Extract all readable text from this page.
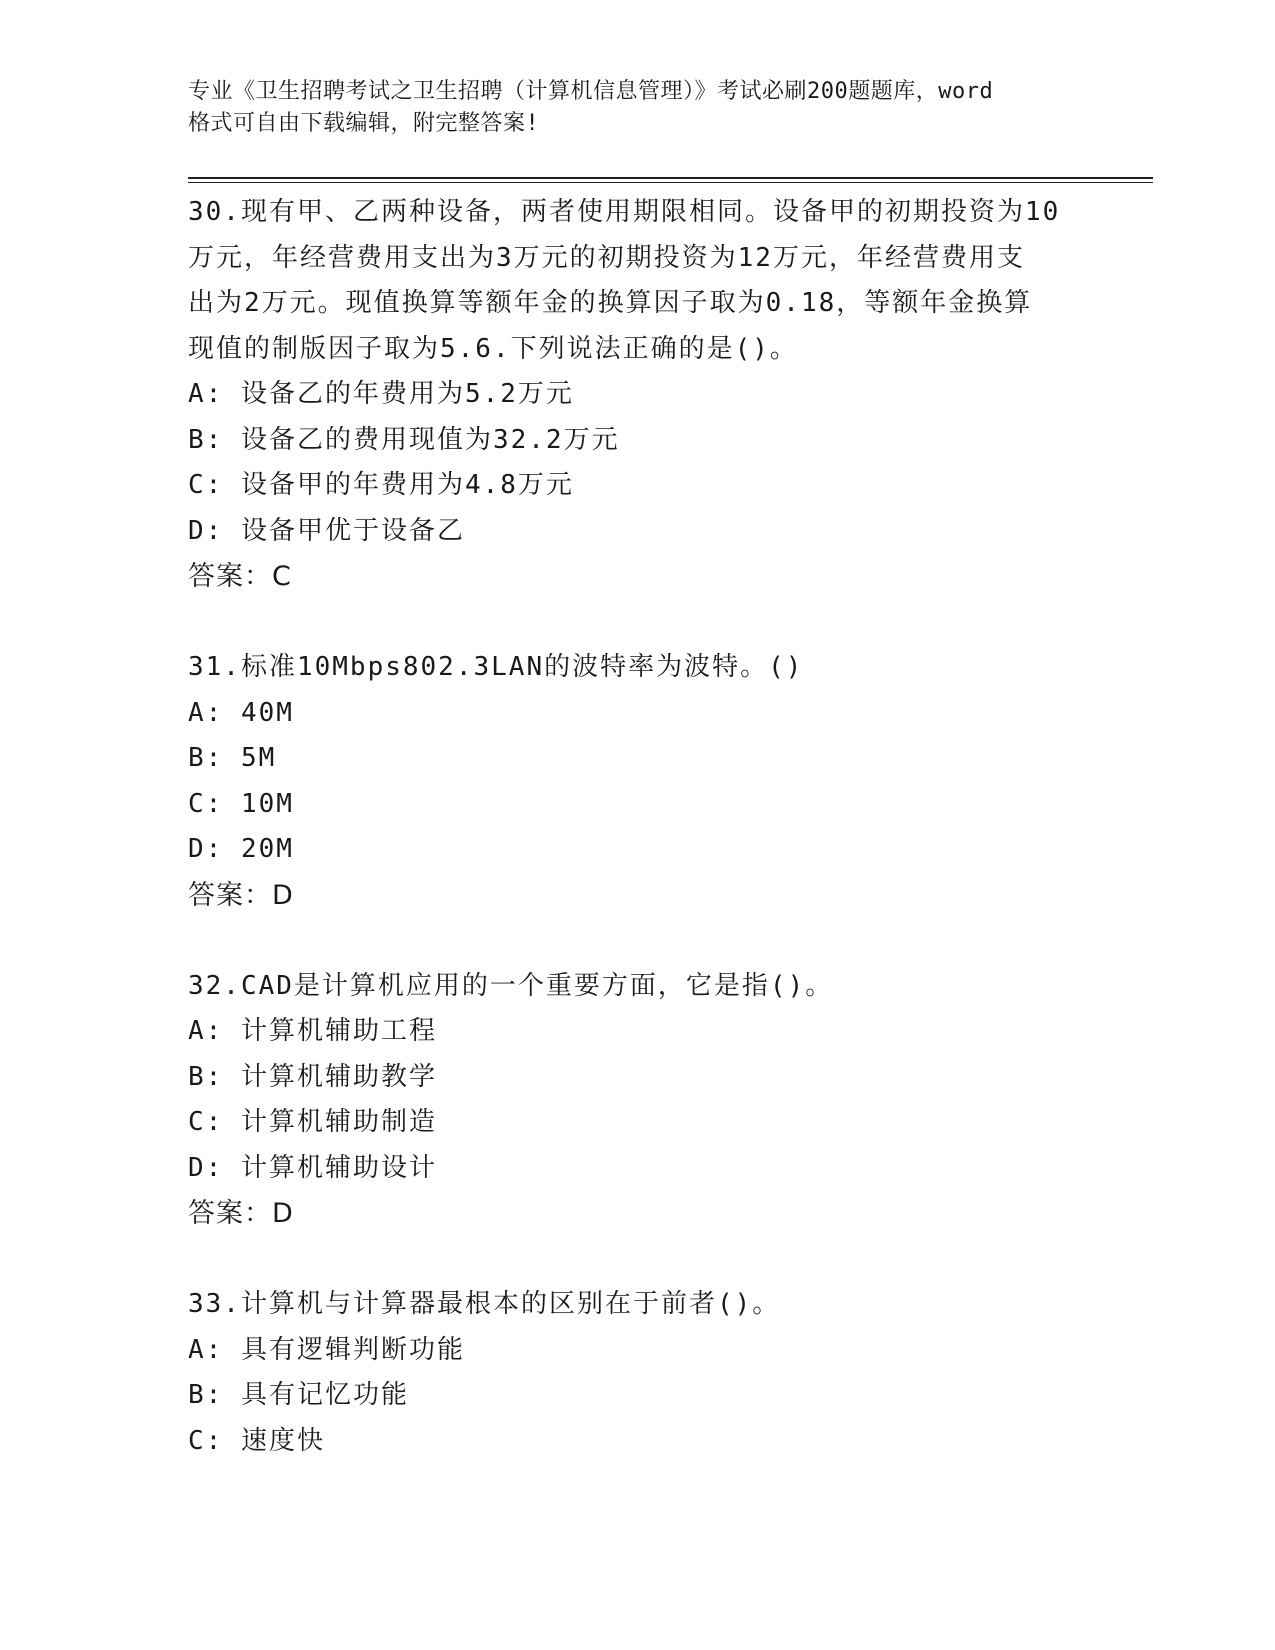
专业《卫生招聘考试之卫生招聘（计算机信息管理）》考试必刷200题题库，word
格式可自由下载编辑，附完整答案!
30.现有甲、乙两种设备，两者使用期限相同。设备甲的初期投资为10
万元，年经营费用支出为3万元的初期投资为12万元，年经营费用支
出为2万元。现值换算等额年金的换算因子取为0.18，等额年金换算
现值的制版因子取为5.6.下列说法正确的是()。
A: 设备乙的年费用为5.2万元
B: 设备乙的费用现值为32.2万元
C: 设备甲的年费用为4.8万元
D: 设备甲优于设备乙
答案：C
31.标准10Mbps802.3LAN的波特率为波特。()
A: 40M
B: 5M
C: 10M
D: 20M
答案：D
32.CAD是计算机应用的一个重要方面，它是指()。
A: 计算机辅助工程
B: 计算机辅助教学
C: 计算机辅助制造
D: 计算机辅助设计
答案：D
33.计算机与计算器最根本的区别在于前者()。
A: 具有逻辑判断功能
B: 具有记忆功能
C: 速度快
